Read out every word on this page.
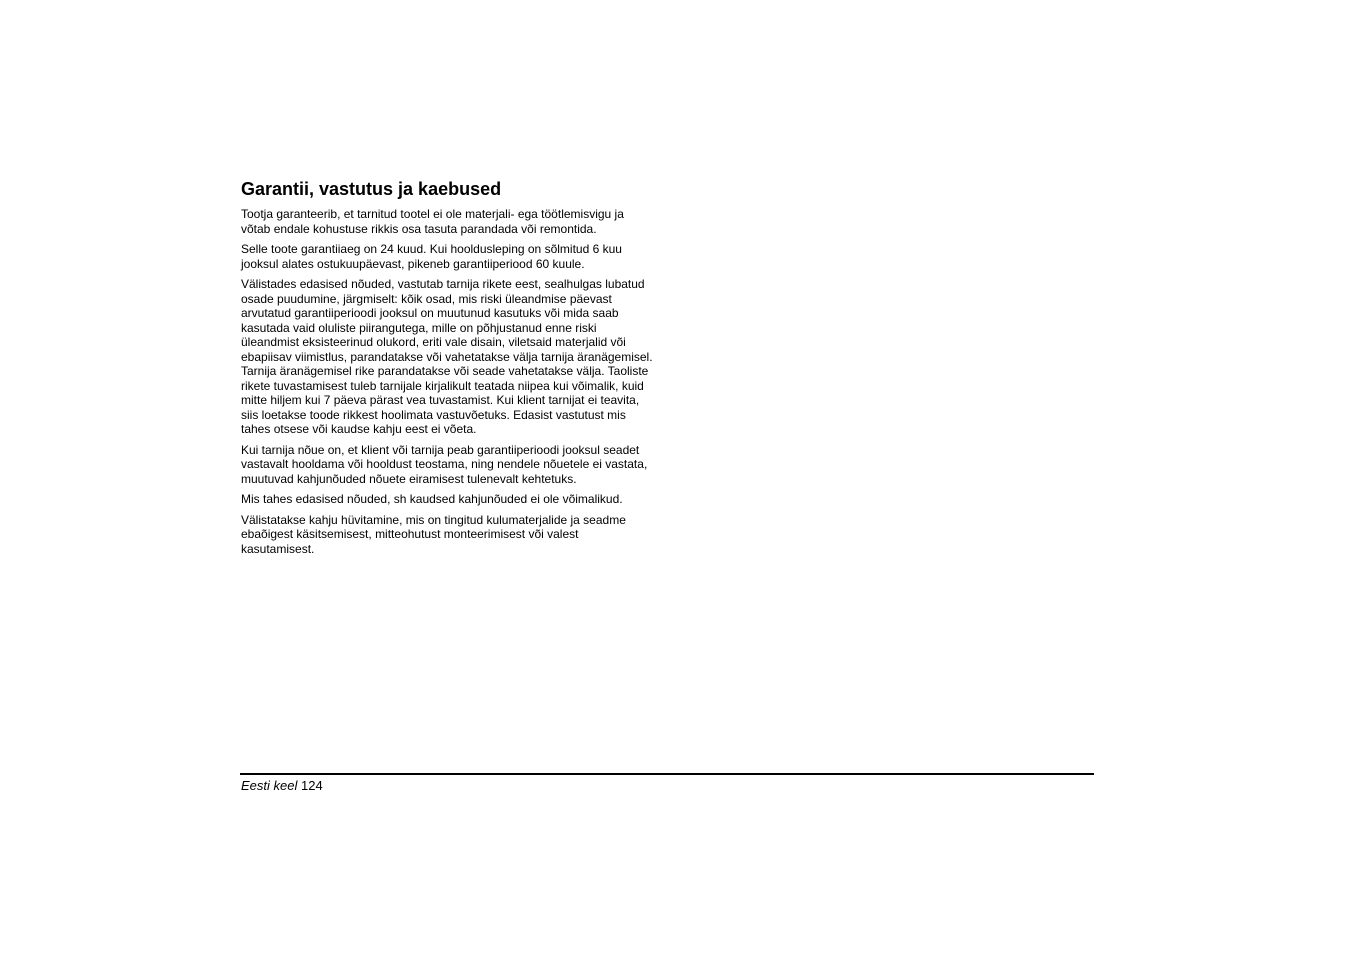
Garantii, vastutus ja kaebused

Tootja garanteerib, et tarnitud tootel ei ole materjali- ega töötlemisvigu ja võtab endale kohustuse rikkis osa tasuta parandada või remontida.

Selle toote garantiiaeg on 24 kuud. Kui hooldusleping on sõlmitud 6 kuu jooksul alates ostukuupäevast, pikeneb garantiiperiood 60 kuule.

Välistades edasised nõuded, vastutab tarnija rikete eest, sealhulgas lubatud osade puudumine, järgmiselt: kõik osad, mis riski üleandmise päevast arvutatud garantiiperioodi jooksul on muutunud kasutuks või mida saab kasutada vaid oluliste piirangutega, mille on põhjustanud enne riski üleandmist eksisteerinud olukord, eriti vale disain, viletsaid materjalid või ebapiisav viimistlus, parandatakse või vahetatakse välja tarnija äranägemisel. Tarnija äranägemisel rike parandatakse või seade vahetatakse välja. Taoliste rikete tuvastamisest tuleb tarnijale kirjalikult teatada niipea kui võimalik, kuid mitte hiljem kui 7 päeva pärast vea tuvastamist. Kui klient tarnijat ei teavita, siis loetakse toode rikkest hoolimata vastuvõetuks. Edasist vastutust mis tahes otsese või kaudse kahju eest ei võeta.

Kui tarnija nõue on, et klient või tarnija peab garantiiperioodi jooksul seadet vastavalt hooldama või hooldust teostama, ning nendele nõuetele ei vastata, muutuvad kahjunõuded nõuete eiramisest tulenevalt kehtetuks.

Mis tahes edasised nõuded, sh kaudsed kahjunõuded ei ole võimalikud.

Välistatakse kahju hüvitamine, mis on tingitud kulumaterjalide ja seadme ebaõigest käsitsemisest, mitteohutust monteerimisest või valest kasutamisest.

Eesti keel 124
